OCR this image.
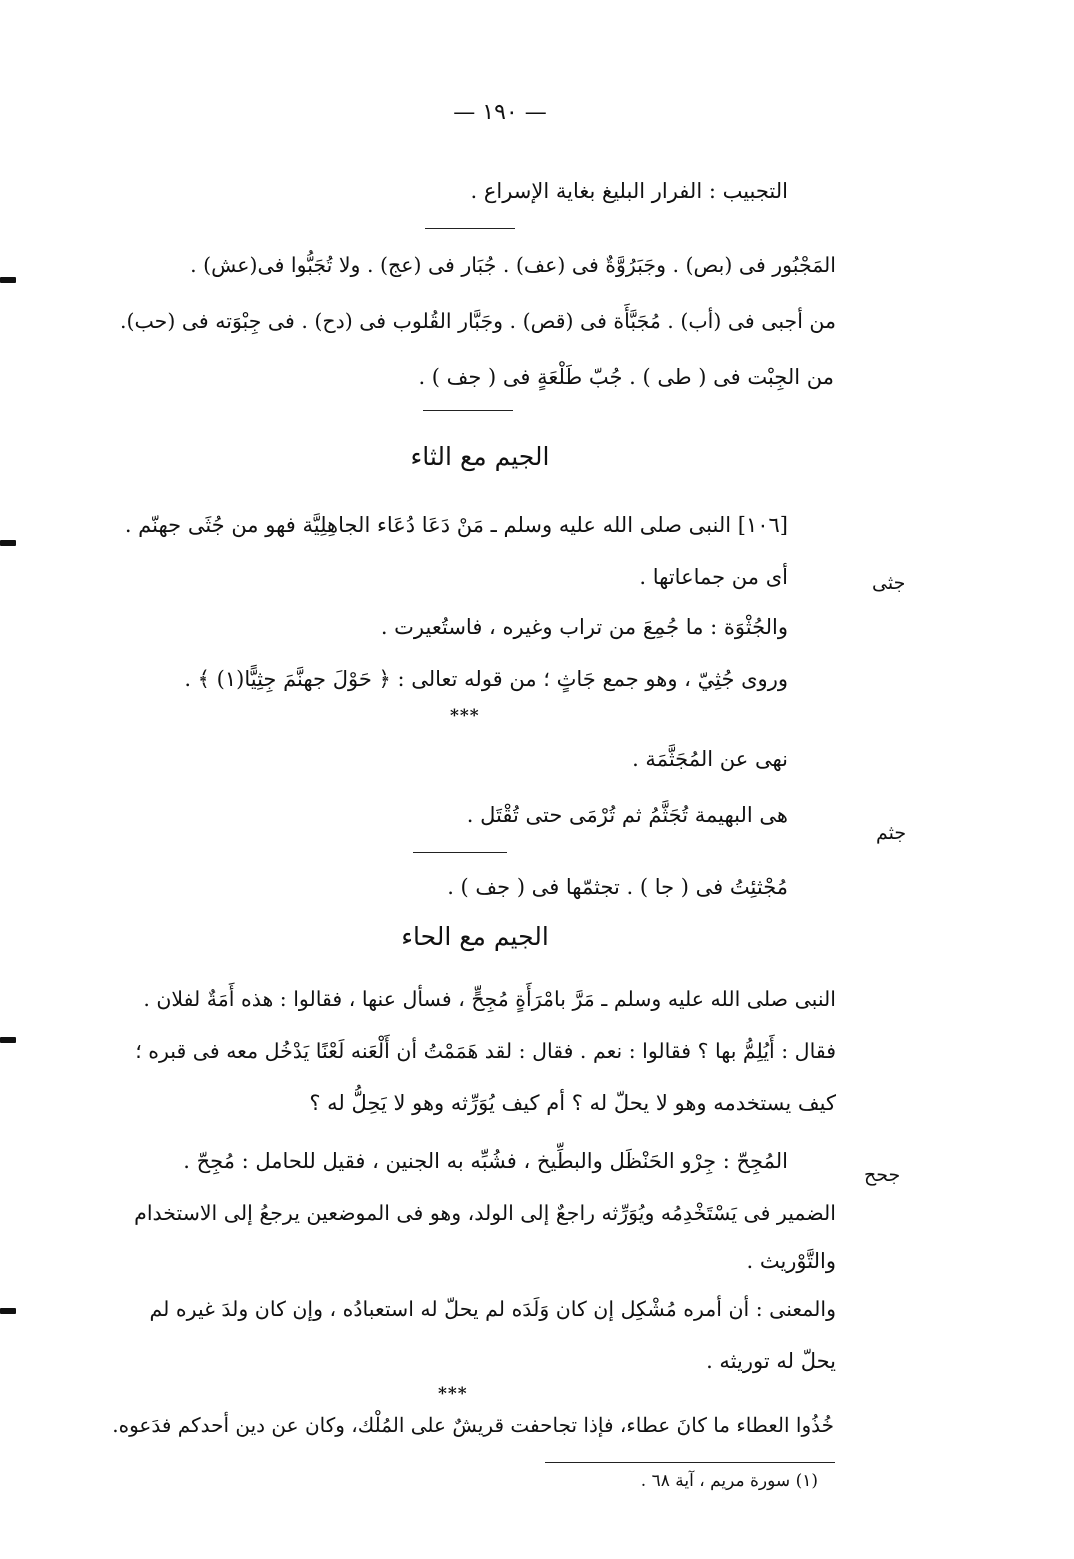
— ١٩٠ —
التجبيب : الفرار البليغ بغاية الإسراع .
المَجْبُور فى (بص) . وجَبَرُوَّةٌ فى (عف) . جُبَار فى (عج) . ولا تُجَبُّوا فى(عش) .
من أجبى فى (أب) . مُجَبَّأَة فى (قص) . وجَبَّار القُلوب فى (دح) . فى جِبْوَته فى (حب).
من الجِبْت فى ( طى ) . جُبّ طَلْعَةٍ فى ( جف ) .
الجيم مع الثاء
[١٠٦] النبى صلى الله عليه وسلم ـ مَنْ دَعَا دُعَاء الجاهِلِيَّة فهو من جُثَى جهنّم .
أى من جماعاتها .	جثى
والجُثْوَة : ما جُمِعَ من تراب وغيره ، فاستُعيرت .
وروى جُثِيّ ، وهو جمع جَاثٍ ؛ من قوله تعالى : ﴿ حَوْلَ جهنَّمَ جِثِيًّا(١) ﴾ .
***
نهى عن المُجَثَّمَة .
هى البهيمة تُجَثَّمُ ثم تُرْمَى حتى تُقْتَل .
جثم
مُجْثئِتُ فى ( جا ) . تجثمّها فى ( جف ) .
الجيم مع الحاء
النبى صلى الله عليه وسلم ـ مَرَّ بامْرَأَةٍ مُجِحٍّ ، فسأل عنها ، فقالوا : هذه أَمَةٌ لفلان .
فقال : أَيُلِمُّ بها ؟ فقالوا : نعم . فقال : لقد هَمَمْتُ أن أَلْعَنه لَعْنًا يَدْخُل معه فى قبره ؛
كيف يستخدمه وهو لا يحلّ له ؟ أم كيف يُوَرِّثه وهو لا يَحِلُّ له ؟
المُجِحّ : جِرْو الحَنْظَل والبطِّيخ ، فشُبِّه به الجنين ، فقيل للحامل : مُجِحّ .
جحح
الضمير فى يَسْتَخْدِمُه ويُوَرِّثه راجعٌ إلى الولد، وهو فى الموضعين يرجعُ إلى الاستخدام
والتَّوْريث .
والمعنى : أن أمره مُشْكِل إن كان وَلَدَه لم يحلّ له استعبادُه ، وإن كان ولدَ غيره لم
يحلّ له توريثه .
***
خُذُوا العطاء ما كانَ عطاء، فإذا تجاحفت قريشٌ على المُلْك، وكان عن دين أحدكم فدَعوه.
(١) سورة مريم ، آية ٦٨ .
